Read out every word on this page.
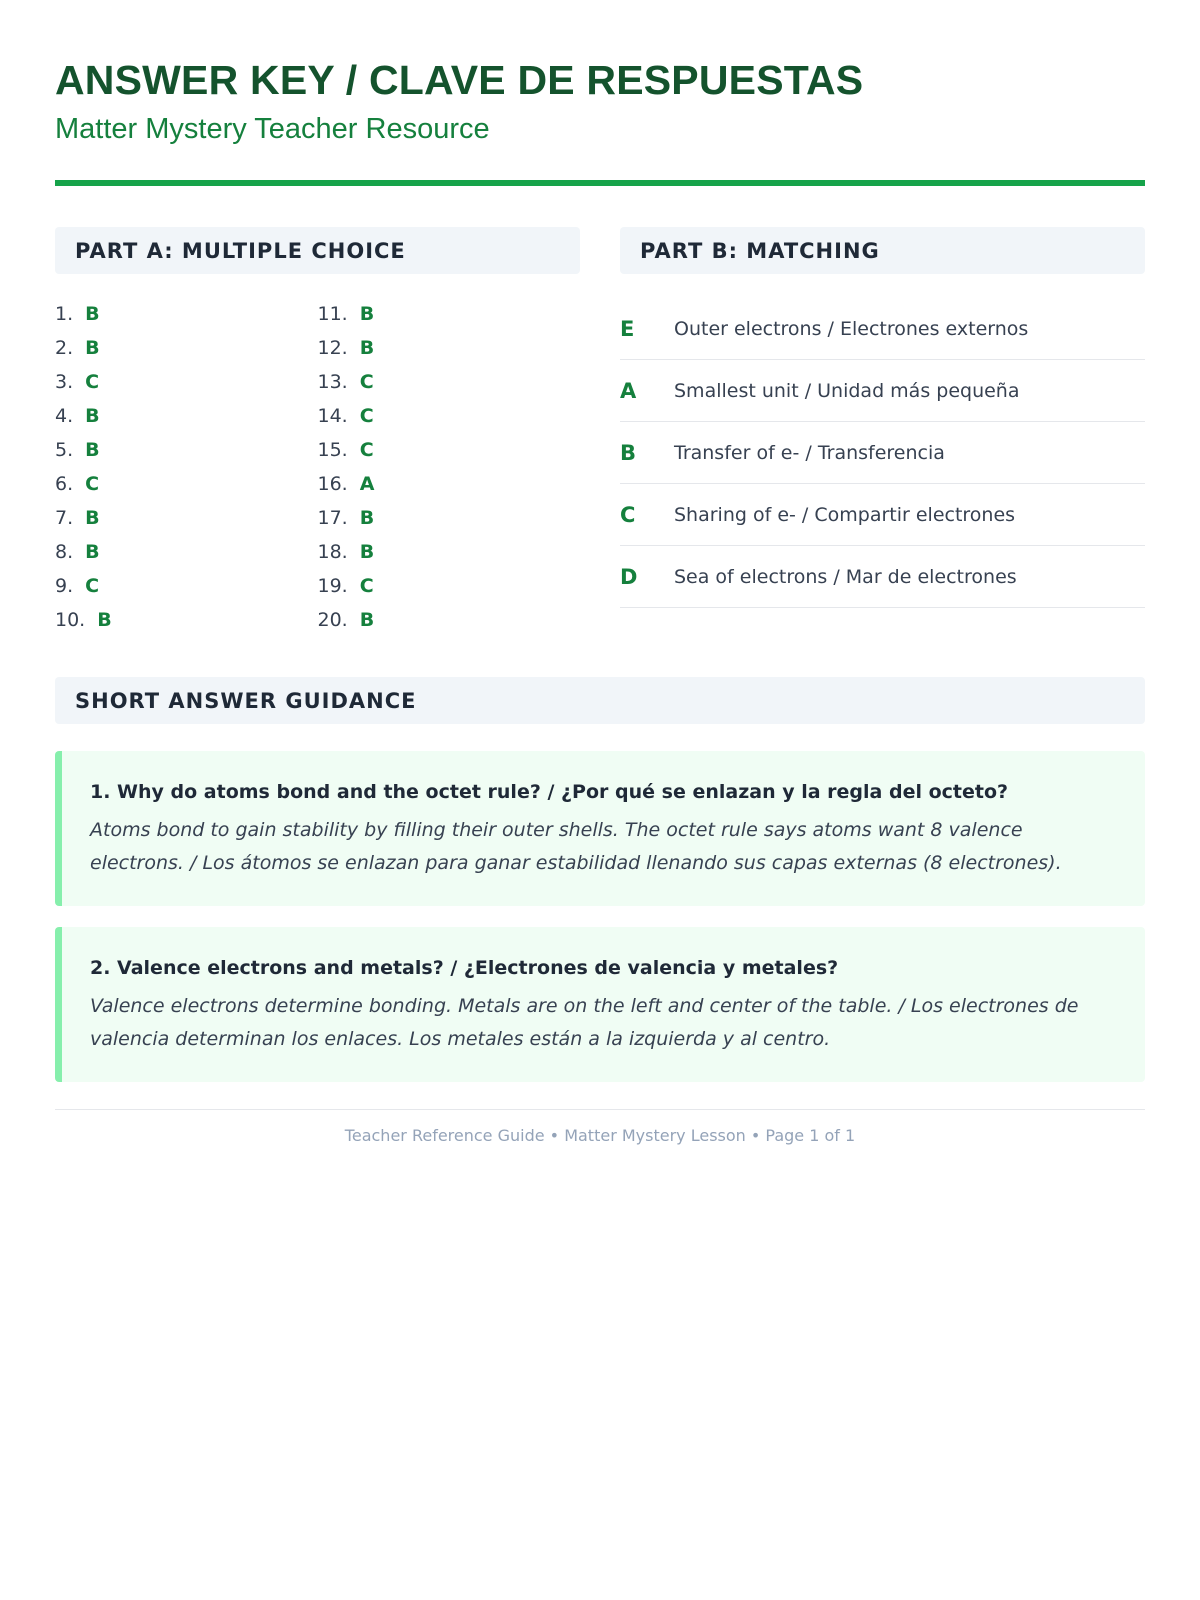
ANSWER KEY / CLAVE DE RESPUESTAS
Matter Mystery Teacher Resource
PART A: MULTIPLE CHOICE
1. B
2. B
3. C
4. B
5. B
6. C
7. B
8. B
9. C
10. B
11. B
12. B
13. C
14. C
15. C
16. A
17. B
18. B
19. C
20. B
PART B: MATCHING
E	Outer electrons / Electrones externos
A	Smallest unit / Unidad más pequeña
B	Transfer of e- / Transferencia
C	Sharing of e- / Compartir electrones
D	Sea of electrons / Mar de electrones
SHORT ANSWER GUIDANCE
1. Why do atoms bond and the octet rule? / ¿Por qué se enlazan y la regla del octeto?
Atoms bond to gain stability by filling their outer shells. The octet rule says atoms want 8 valence electrons. / Los átomos se enlazan para ganar estabilidad llenando sus capas externas (8 electrones).
2. Valence electrons and metals? / ¿Electrones de valencia y metales?
Valence electrons determine bonding. Metals are on the left and center of the table. / Los electrones de valencia determinan los enlaces. Los metales están a la izquierda y al centro.
Teacher Reference Guide • Matter Mystery Lesson • Page 1 of 1
